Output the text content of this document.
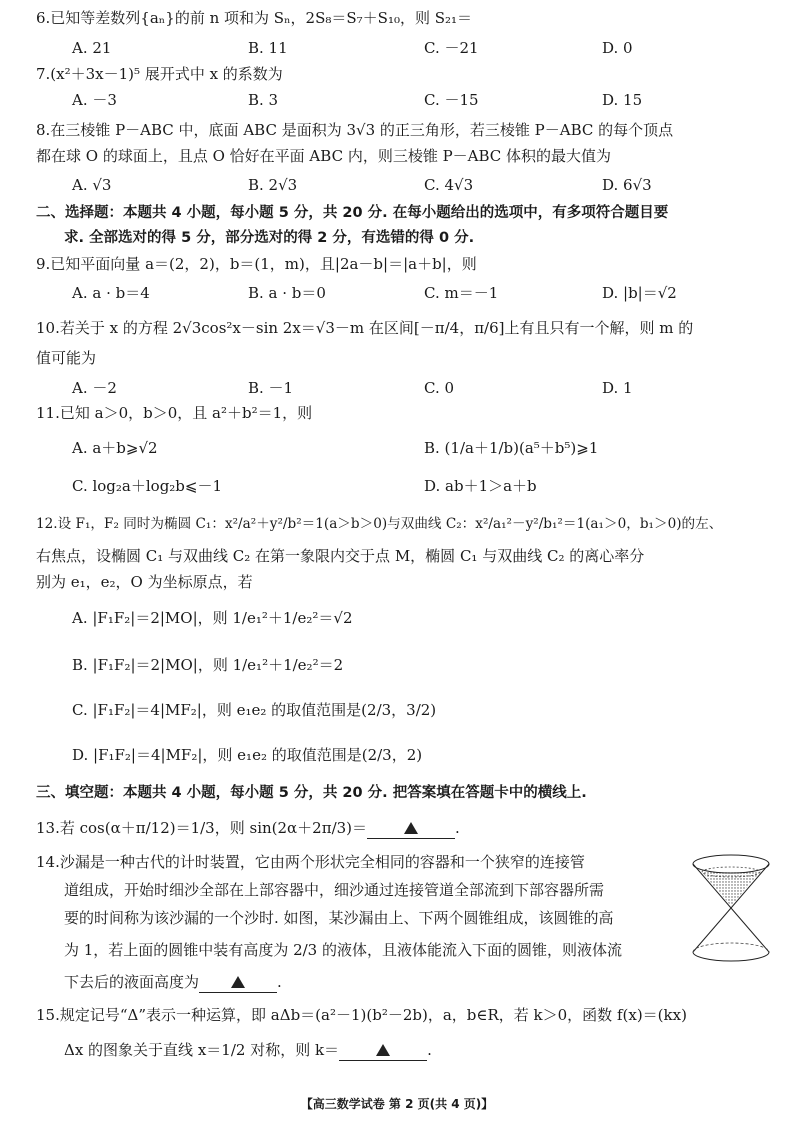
6.已知等差数列{aₙ}的前 n 项和为 Sₙ，2S₈＝S₇＋S₁₀，则 S₂₁＝
A. 21	B. 11	C. －21	D. 0
7.(x²＋3x－1)⁵ 展开式中 x 的系数为
A. －3	B. 3	C. －15	D. 15
8.在三棱锥 P－ABC 中，底面 ABC 是面积为 3√3 的正三角形，若三棱锥 P－ABC 的每个顶点
都在球 O 的球面上，且点 O 恰好在平面 ABC 内，则三棱锥 P－ABC 体积的最大值为
A. √3	B. 2√3	C. 4√3	D. 6√3
二、选择题：本题共 4 小题，每小题 5 分，共 20 分. 在每小题给出的选项中，有多项符合题目要
求. 全部选对的得 5 分，部分选对的得 2 分，有选错的得 0 分.
9.已知平面向量 a＝(2，2)，b＝(1，m)，且|2a－b|＝|a＋b|，则
A. a · b＝4	B. a · b＝0	C. m＝－1	D. |b|＝√2
10.若关于 x 的方程 2√3cos²x－sin 2x＝√3－m 在区间[－π/4，π/6]上有且只有一个解，则 m 的
值可能为
A. －2	B. －1	C. 0	D. 1
11.已知 a＞0，b＞0，且 a²＋b²＝1，则
A. a＋b⩾√2	B. (1/a＋1/b)(a⁵＋b⁵)⩾1
C. log₂a＋log₂b⩽－1	D. ab＋1＞a＋b
12.设 F₁，F₂ 同时为椭圆 C₁：x²/a²＋y²/b²＝1(a＞b＞0)与双曲线 C₂：x²/a₁²－y²/b₁²＝1(a₁＞0，b₁＞0)的左、
右焦点，设椭圆 C₁ 与双曲线 C₂ 在第一象限内交于点 M，椭圆 C₁ 与双曲线 C₂ 的离心率分
别为 e₁，e₂，O 为坐标原点，若
A. |F₁F₂|＝2|MO|，则 1/e₁²＋1/e₂²＝√2
B. |F₁F₂|＝2|MO|，则 1/e₁²＋1/e₂²＝2
C. |F₁F₂|＝4|MF₂|，则 e₁e₂ 的取值范围是(2/3，3/2)
D. |F₁F₂|＝4|MF₂|，则 e₁e₂ 的取值范围是(2/3，2)
三、填空题：本题共 4 小题，每小题 5 分，共 20 分. 把答案填在答题卡中的横线上.
13.若 cos(α＋π/12)＝1/3，则 sin(2α＋2π/3)＝	.
14.沙漏是一种古代的计时装置，它由两个形状完全相同的容器和一个狭窄的连接管
道组成，开始时细沙全部在上部容器中，细沙通过连接管道全部流到下部容器所需
要的时间称为该沙漏的一个沙时. 如图，某沙漏由上、下两个圆锥组成，该圆锥的高
为 1，若上面的圆锥中装有高度为 2/3 的液体，且液体能流入下面的圆锥，则液体流
下去后的液面高度为	.
15.规定记号“Δ”表示一种运算，即 aΔb＝(a²－1)(b²－2b)，a，b∈R，若 k＞0，函数 f(x)＝(kx)
Δx 的图象关于直线 x＝1/2 对称，则 k＝	.
【高三数学试卷 第 2 页(共 4 页)】
